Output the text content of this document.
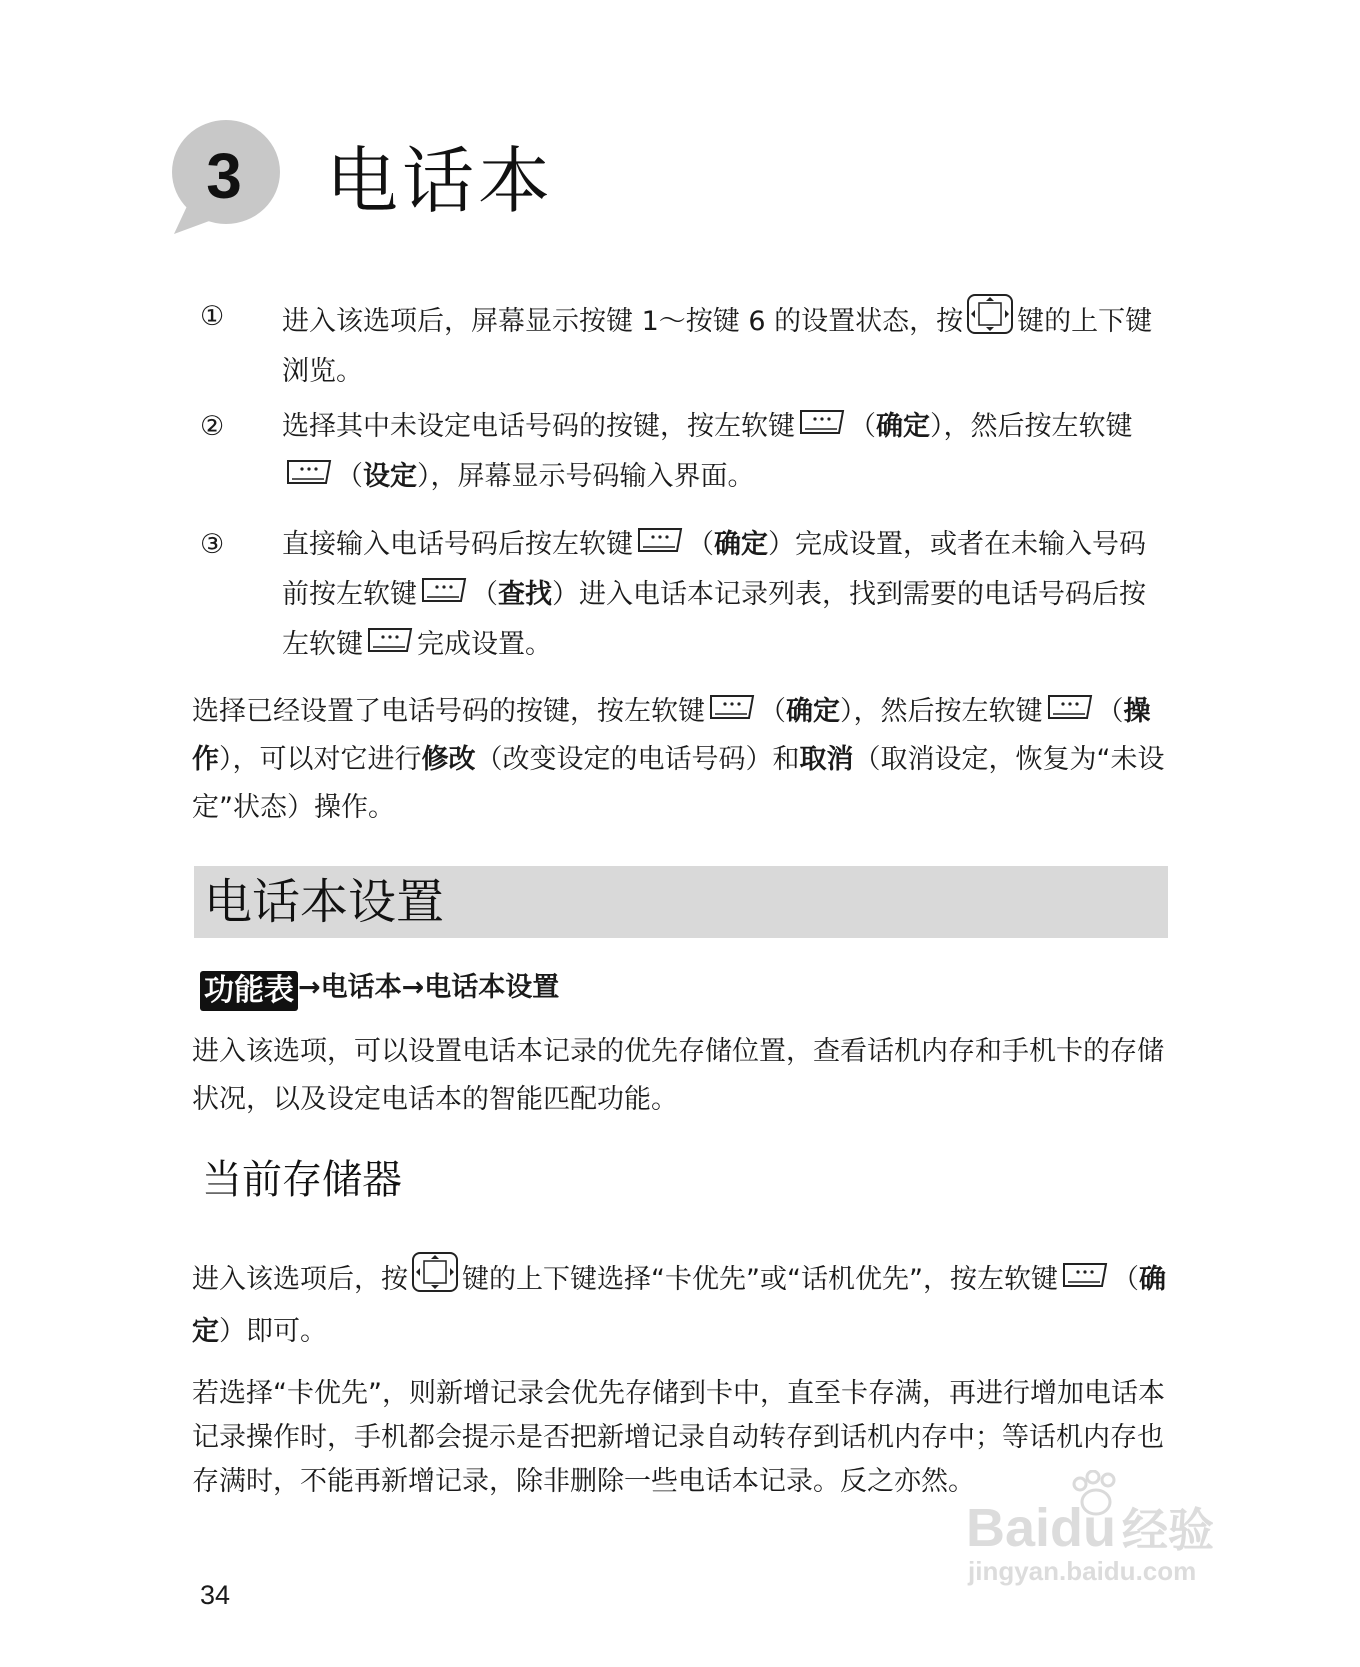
3	电话本
①	进入该选项后，屏幕显示按键 1～按键 6 的设置状态，按 键的上下键浏览。
②	选择其中未设定电话号码的按键，按左软键 （确定），然后按左软键（设定），屏幕显示号码输入界面。
③	直接输入电话号码后按左软键 （确定）完成设置，或者在未输入号码前按左软键 （查找）进入电话本记录列表，找到需要的电话号码后按左软键 完成设置。
选择已经设置了电话号码的按键，按左软键 （确定），然后按左软键 （操作），可以对它进行修改（改变设定的电话号码）和取消（取消设定，恢复为“未设定”状态）操作。
电话本设置
功能表 →电话本→电话本设置
进入该选项，可以设置电话本记录的优先存储位置，查看话机内存和手机卡的存储状况，以及设定电话本的智能匹配功能。
当前存储器
进入该选项后，按 键的上下键选择“卡优先”或“话机优先”，按左软键 （确定）即可。
若选择“卡优先”，则新增记录会优先存储到卡中，直至卡存满，再进行增加电话本记录操作时，手机都会提示是否把新增记录自动转存到话机内存中；等话机内存也存满时，不能再新增记录，除非删除一些电话本记录。反之亦然。
34
Baidu 经验
jingyan.baidu.com
